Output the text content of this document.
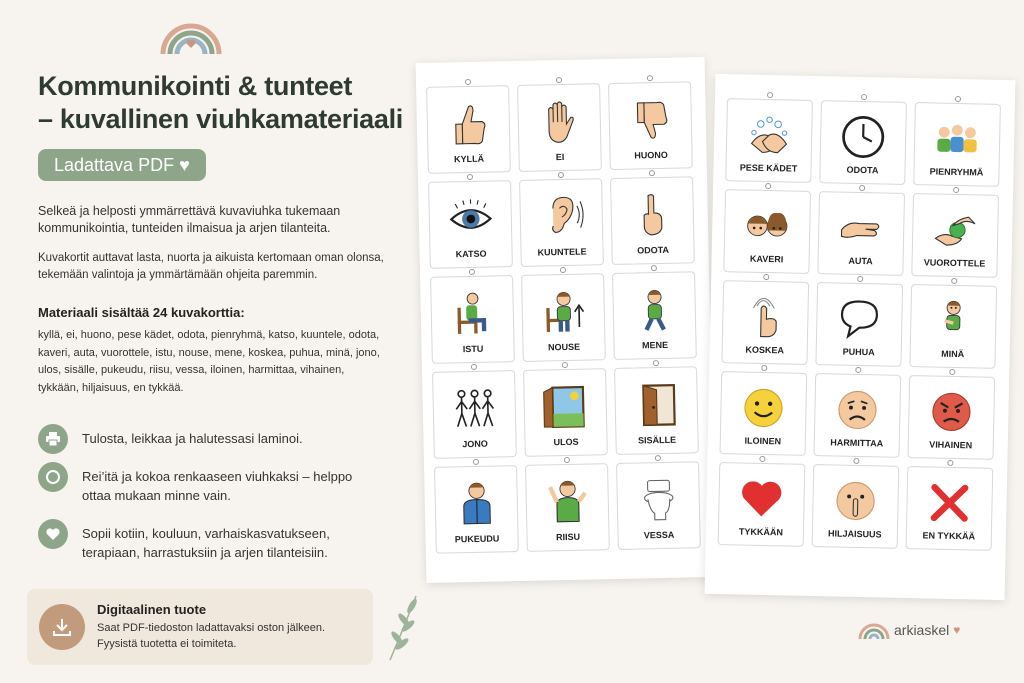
Kommunikointi & tunteet
– kuvallinen viuhkamateriaali
Ladattava PDF ♥
Selkeä ja helposti ymmärrettävä kuvaviuhka tukemaan kommunikointia, tunteiden ilmaisua ja arjen tilanteita.
Kuvakortit auttavat lasta, nuorta ja aikuista kertomaan oman olonsa, tekemään valintoja ja ymmärtämään ohjeita paremmin.
Materiaali sisältää 24 kuvakorttia:
kyllä, ei, huono, pese kädet, odota, pienryhmä, katso, kuuntele, odota, kaveri, auta, vuorottele, istu, nouse, mene, koskea, puhua, minä, jono, ulos, sisälle, pukeudu, riisu, vessa, iloinen, harmittaa, vihainen, tykkään, hiljaisuus, en tykkää.
Tulosta, leikkaa ja halutessasi laminoi.
Rei’itä ja kokoa renkaaseen viuhkaksi – helppo ottaa mukaan minne vain.
Sopii kotiin, kouluun, varhaiskasvatukseen, terapiaan, harrastuksiin ja arjen tilanteisiin.
Digitaalinen tuote
Saat PDF-tiedoston ladattavaksi oston jälkeen.
Fyysistä tuotetta ei toimiteta.
arkiaskel ♥
KYLLÄ	EI	HUONO
KATSO	KUUNTELE	ODOTA
ISTU	NOUSE	MENE
JONO	ULOS	SISÄLLE
PUKEUDU	RIISU	VESSA
PESE KÄDET	ODOTA	PIENRYHMÄ
KAVERI	AUTA	VUOROTTELE
KOSKEA	PUHUA	MINÄ
ILOINEN	HARMITTAA	VIHAINEN
TYKKÄÄN	HILJAISUUS	EN TYKKÄÄ
